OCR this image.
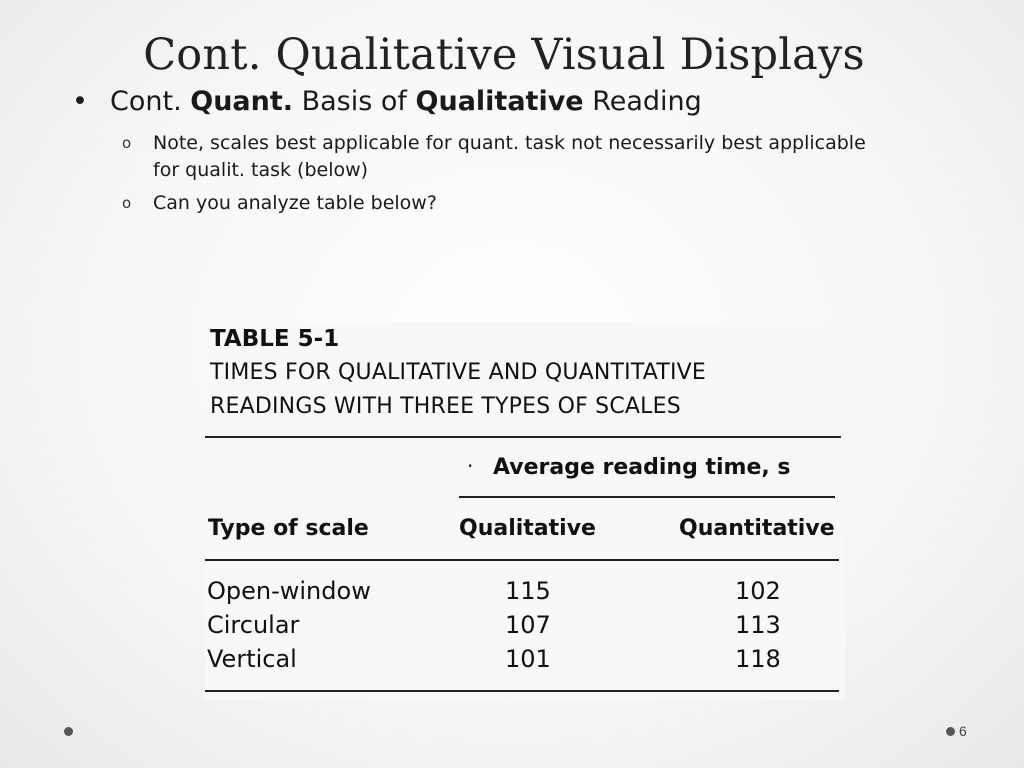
Cont. Qualitative Visual Displays
• Cont. Quant. Basis of Qualitative Reading
o Note, scales best applicable for quant. task not necessarily best applicable for qualit. task (below)
o Can you analyze table below?
TABLE 5-1
TIMES FOR QUALITATIVE AND QUANTITATIVE
READINGS WITH THREE TYPES OF SCALES
· Average reading time, s
Type of scale	Qualitative	Quantitative
Open-window	115	102
Circular	107	113
Vertical	101	118
6
